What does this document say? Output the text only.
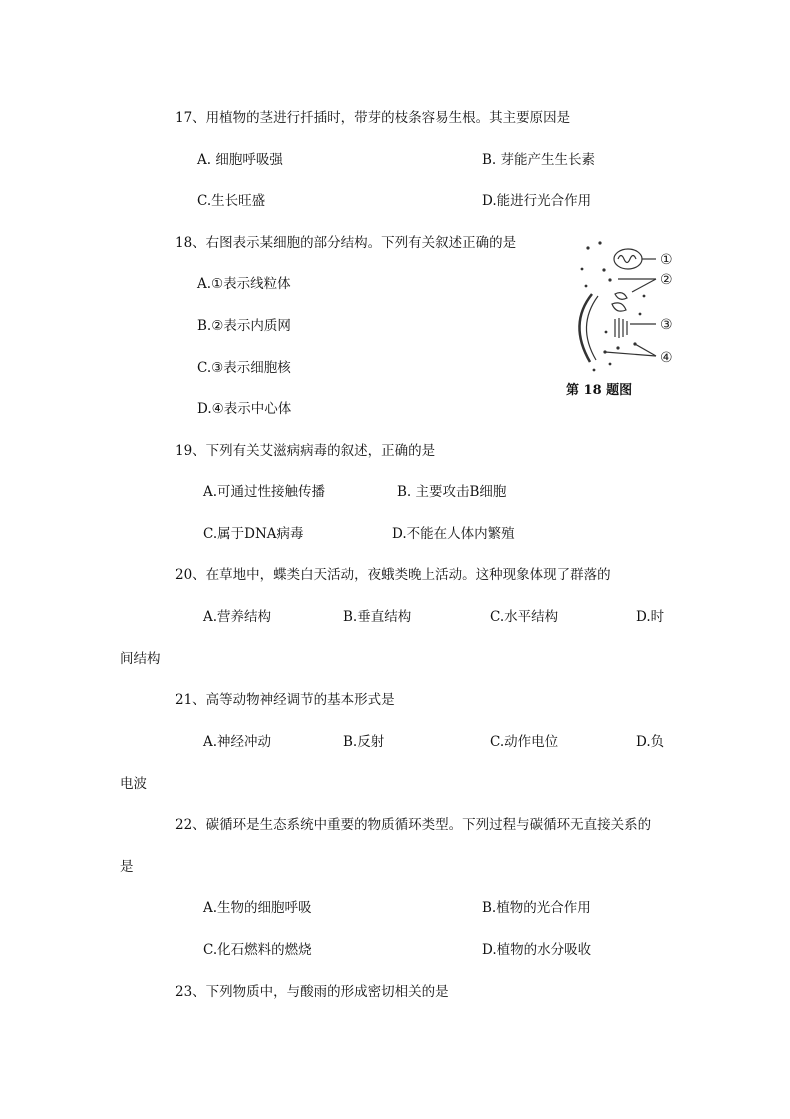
17、用植物的茎进行扦插时，带芽的枝条容易生根。其主要原因是
A. 细胞呼吸强	B. 芽能产生生长素
C.生长旺盛	D.能进行光合作用
18、右图表示某细胞的部分结构。下列有关叙述正确的是
A.①表示线粒体
B.②表示内质网
C.③表示细胞核
D.④表示中心体
①
②
③
④
第 18 题图
19、下列有关艾滋病病毒的叙述，正确的是
A.可通过性接触传播	B. 主要攻击B细胞
C.属于DNA病毒	D.不能在人体内繁殖
20、在草地中，蝶类白天活动，夜蛾类晚上活动。这种现象体现了群落的
A.营养结构	B.垂直结构	C.水平结构	D.时
间结构
21、高等动物神经调节的基本形式是
A.神经冲动	B.反射	C.动作电位	D.负
电波
22、碳循环是生态系统中重要的物质循环类型。下列过程与碳循环无直接关系的
是
A.生物的细胞呼吸	B.植物的光合作用
C.化石燃料的燃烧	D.植物的水分吸收
23、下列物质中，与酸雨的形成密切相关的是
